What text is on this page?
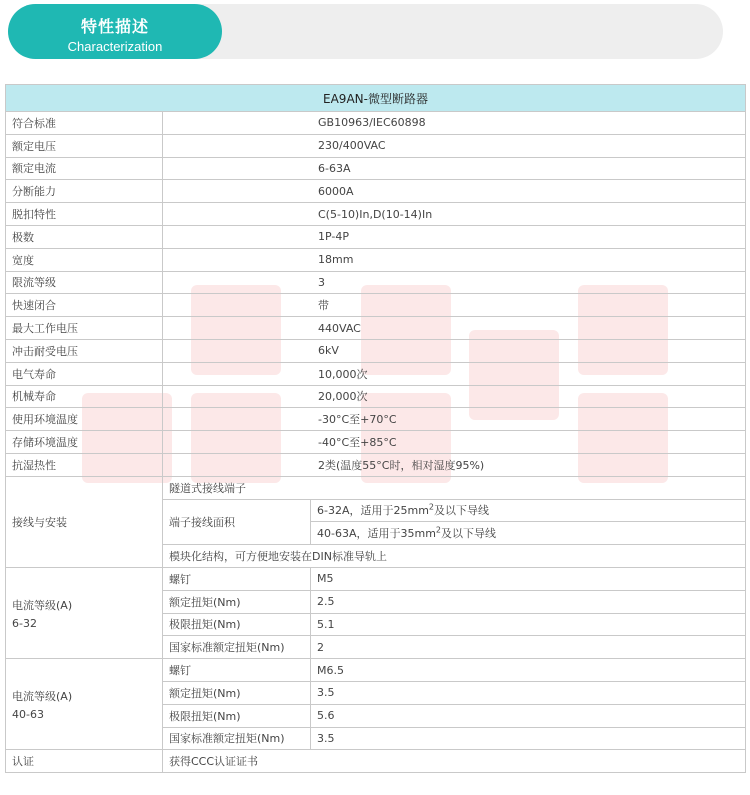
特性描述
Characterization
EA9AN-微型断路器		
符合标准	GB10963/IEC60898	
额定电压	230/400VAC	
额定电流	6-63A	
分断能力	6000A	
脱扣特性	C(5-10)In,D(10-14)In	
极数	1P-4P	
宽度	18mm	
限流等级	3	
快速闭合	带	
最大工作电压	440VAC	
冲击耐受电压	6kV	
电气寿命	10,000次	
机械寿命	20,000次	
使用环境温度	-30°C至+70°C	
存储环境温度	-40°C至+85°C	
抗湿热性	2类(温度55°C时，相对湿度95%)	
接线与安装	隧道式接线端子	
	端子接线面积	6-32A，适用于$25mm^2$及以下导线
		40-63A，适用于$35mm^2$及以下导线
	模块化结构，可方便地安装在DIN标准导轨上	

电流等级(A)
6-32	螺钉	M5
	额定扭矩(Nm)	2.5
	极限扭矩(Nm)	5.1
	国家标准额定扭矩(Nm)	2

电流等级(A)
40-63	螺钉	M6.5
	额定扭矩(Nm)	3.5
	极限扭矩(Nm)	5.6
	国家标准额定扭矩(Nm)	3.5
认证	获得CCC认证证书	
